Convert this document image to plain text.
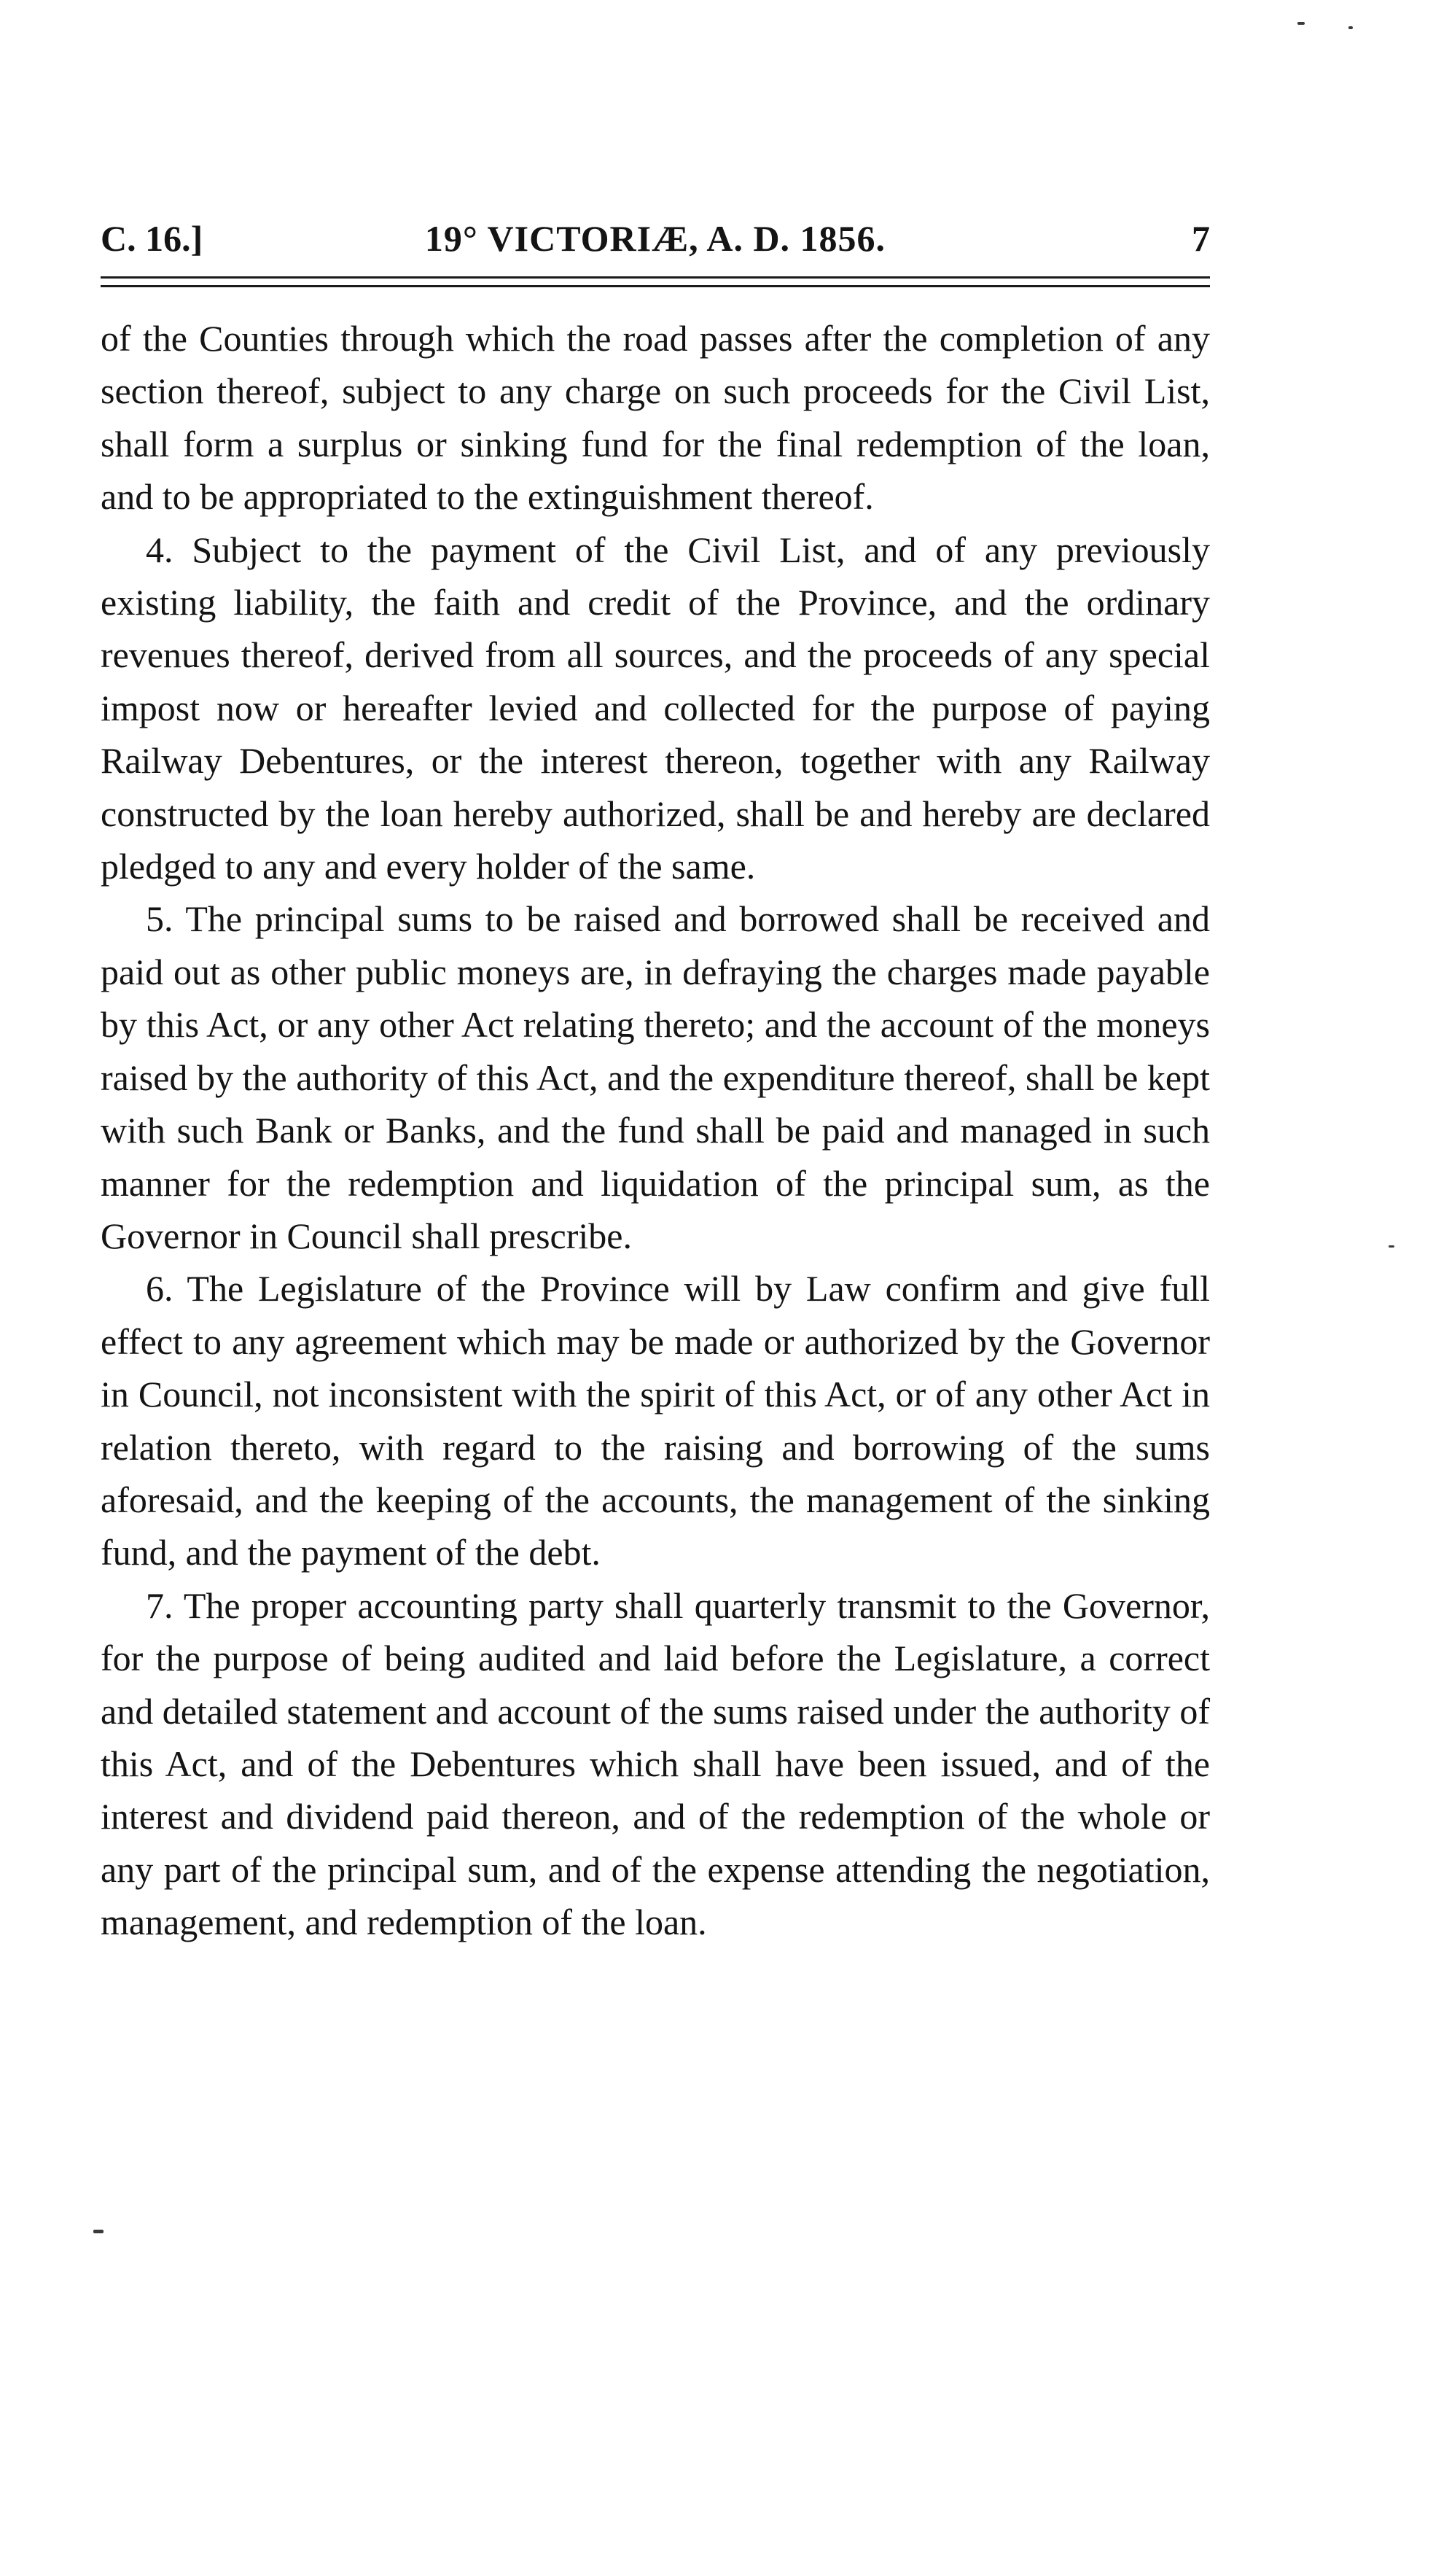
C. 16.]	19° VICTORIÆ, A. D. 1856.	7

of the Counties through which the road passes after the completion of any section thereof, subject to any charge on such proceeds for the Civil List, shall form a surplus or sinking fund for the final redemption of the loan, and to be appropriated to the extinguishment thereof.

4. Subject to the payment of the Civil List, and of any previously existing liability, the faith and credit of the Province, and the ordinary revenues thereof, derived from all sources, and the proceeds of any special impost now or hereafter levied and collected for the purpose of paying Railway Debentures, or the interest thereon, together with any Railway constructed by the loan hereby authorized, shall be and hereby are declared pledged to any and every holder of the same.

5. The principal sums to be raised and borrowed shall be received and paid out as other public moneys are, in defraying the charges made payable by this Act, or any other Act relating thereto; and the account of the moneys raised by the authority of this Act, and the expenditure thereof, shall be kept with such Bank or Banks, and the fund shall be paid and managed in such manner for the redemption and liquidation of the principal sum, as the Governor in Council shall prescribe.

6. The Legislature of the Province will by Law confirm and give full effect to any agreement which may be made or authorized by the Governor in Council, not inconsistent with the spirit of this Act, or of any other Act in relation thereto, with regard to the raising and borrowing of the sums aforesaid, and the keeping of the accounts, the management of the sinking fund, and the payment of the debt.

7. The proper accounting party shall quarterly transmit to the Governor, for the purpose of being audited and laid before the Legislature, a correct and detailed statement and account of the sums raised under the authority of this Act, and of the Debentures which shall have been issued, and of the interest and dividend paid thereon, and of the redemption of the whole or any part of the principal sum, and of the expense attending the negotiation, management, and redemption of the loan.
